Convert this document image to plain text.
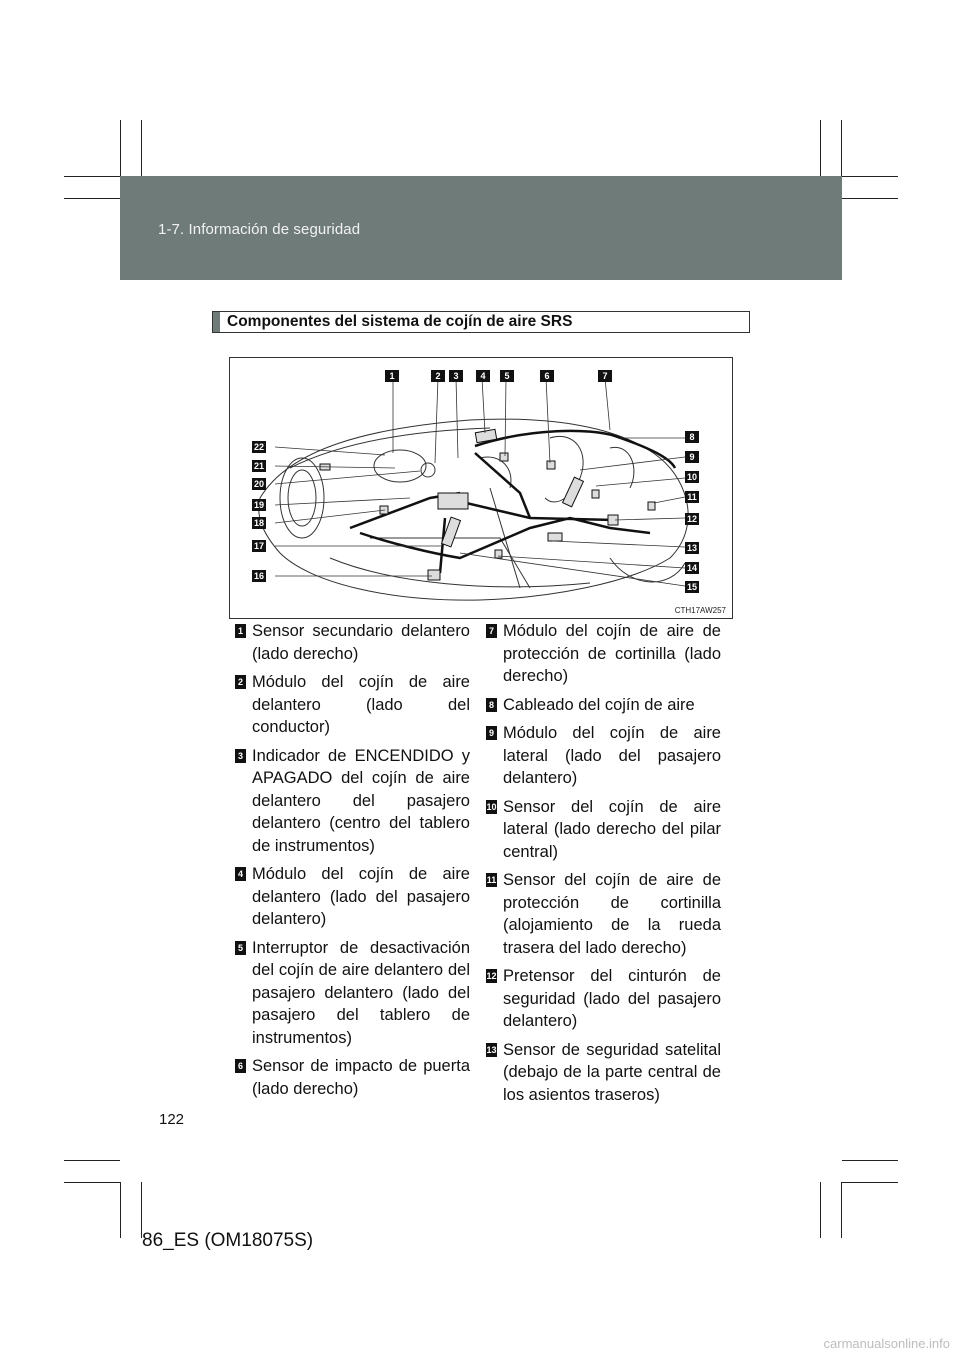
1-7. Información de seguridad
Componentes del sistema de cojín de aire SRS
1	2	3	4	5	6	7
8
9
10
11
12
13
14
15
22
21
20
19
18
17
16
CTH17AW257
1 Sensor secundario delantero (lado derecho)
2 Módulo del cojín de aire delantero (lado del conductor)
3 Indicador de ENCENDIDO y APAGADO del cojín de aire delantero del pasajero delantero (centro del tablero de instrumentos)
4 Módulo del cojín de aire delantero (lado del pasajero delantero)
5 Interruptor de desactivación del cojín de aire delantero del pasajero delantero (lado del pasajero del tablero de instrumentos)
6 Sensor de impacto de puerta (lado derecho)
7 Módulo del cojín de aire de protección de cortinilla (lado derecho)
8 Cableado del cojín de aire
9 Módulo del cojín de aire lateral (lado del pasajero delantero)
10 Sensor del cojín de aire lateral (lado derecho del pilar central)
11 Sensor del cojín de aire de protección de cortinilla (alojamiento de la rueda trasera del lado derecho)
12 Pretensor del cinturón de seguridad (lado del pasajero delantero)
13 Sensor de seguridad satelital (debajo de la parte central de los asientos traseros)
122
86_ES (OM18075S)
carmanualsonline.info
